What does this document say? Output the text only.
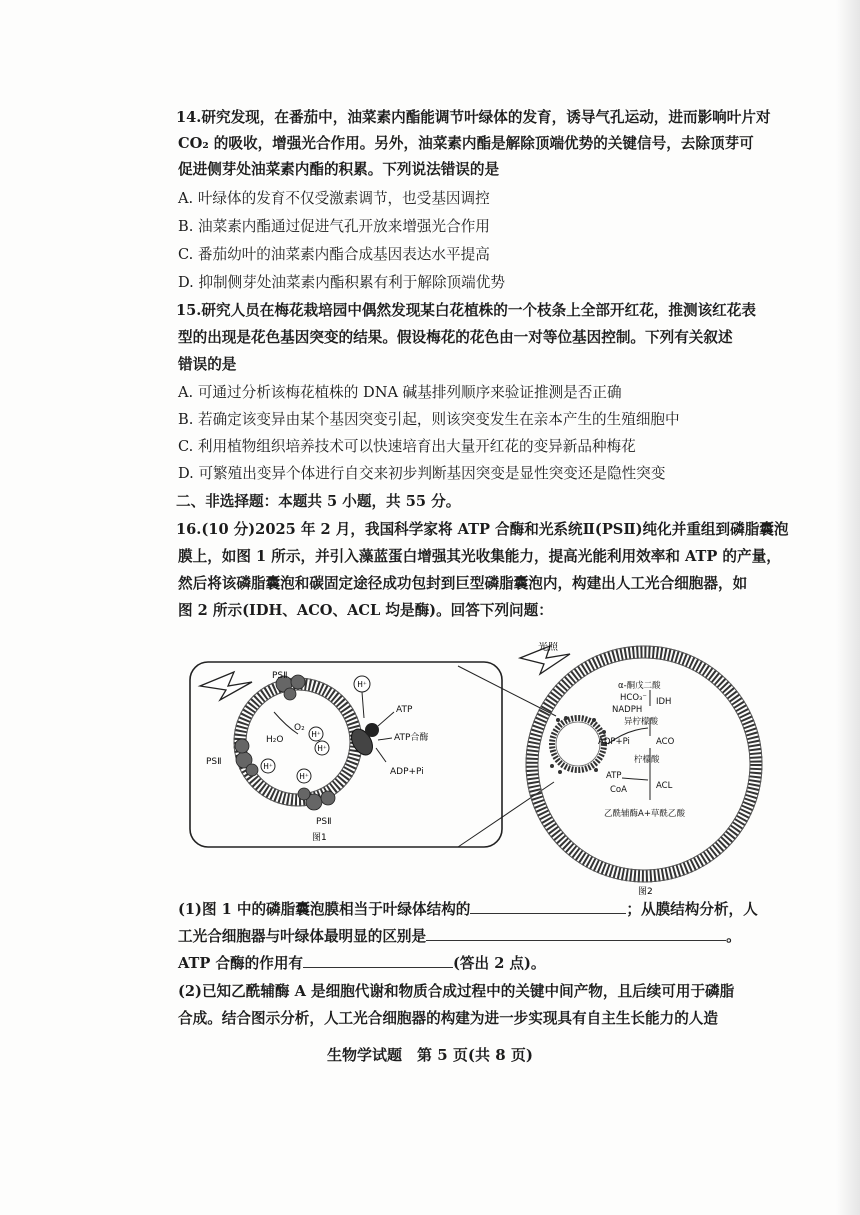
14.研究发现，在番茄中，油菜素内酯能调节叶绿体的发育，诱导气孔运动，进而影响叶片对
CO₂ 的吸收，增强光合作用。另外，油菜素内酯是解除顶端优势的关键信号，去除顶芽可
促进侧芽处油菜素内酯的积累。下列说法错误的是
A. 叶绿体的发育不仅受激素调节，也受基因调控
B. 油菜素内酯通过促进气孔开放来增强光合作用
C. 番茄幼叶的油菜素内酯合成基因表达水平提高
D. 抑制侧芽处油菜素内酯积累有利于解除顶端优势
15.研究人员在梅花栽培园中偶然发现某白花植株的一个枝条上全部开红花，推测该红花表
型的出现是花色基因突变的结果。假设梅花的花色由一对等位基因控制。下列有关叙述
错误的是
A. 可通过分析该梅花植株的 DNA 碱基排列顺序来验证推测是否正确
B. 若确定该变异由某个基因突变引起，则该突变发生在亲本产生的生殖细胞中
C. 利用植物组织培养技术可以快速培育出大量开红花的变异新品种梅花
D. 可繁殖出变异个体进行自交来初步判断基因突变是显性突变还是隐性突变
二、非选择题：本题共 5 小题，共 55 分。
16.(10 分)2025 年 2 月，我国科学家将 ATP 合酶和光系统Ⅱ(PSⅡ)纯化并重组到磷脂囊泡
膜上，如图 1 所示，并引入藻蓝蛋白增强其光收集能力，提高光能利用效率和 ATP 的产量，
然后将该磷脂囊泡和碳固定途径成功包封到巨型磷脂囊泡内，构建出人工光合细胞器，如
图 2 所示(IDH、ACO、ACL 均是酶)。回答下列问题：
H⁺
H⁺
H⁺
H⁺
H⁺
PSⅡ
PSⅡ
PSⅡ
H₂O
O₂
ATP
ATP合酶
ADP+Pi
图1
光照
α-酮戊二酸
HCO₃⁻ IDH
NADPH
异柠檬酸
ACO
柠檬酸
ADP+Pi
ATP
CoA	ACL
乙酰辅酶A+草酰乙酸
图2
(1)图 1 中的磷脂囊泡膜相当于叶绿体结构的	；从膜结构分析，人
工光合细胞器与叶绿体最明显的区别是	。
ATP 合酶的作用有	(答出 2 点)。
(2)已知乙酰辅酶 A 是细胞代谢和物质合成过程中的关键中间产物，且后续可用于磷脂
合成。结合图示分析，人工光合细胞器的构建为进一步实现具有自主生长能力的人造
生物学试题　第 5 页(共 8 页)
